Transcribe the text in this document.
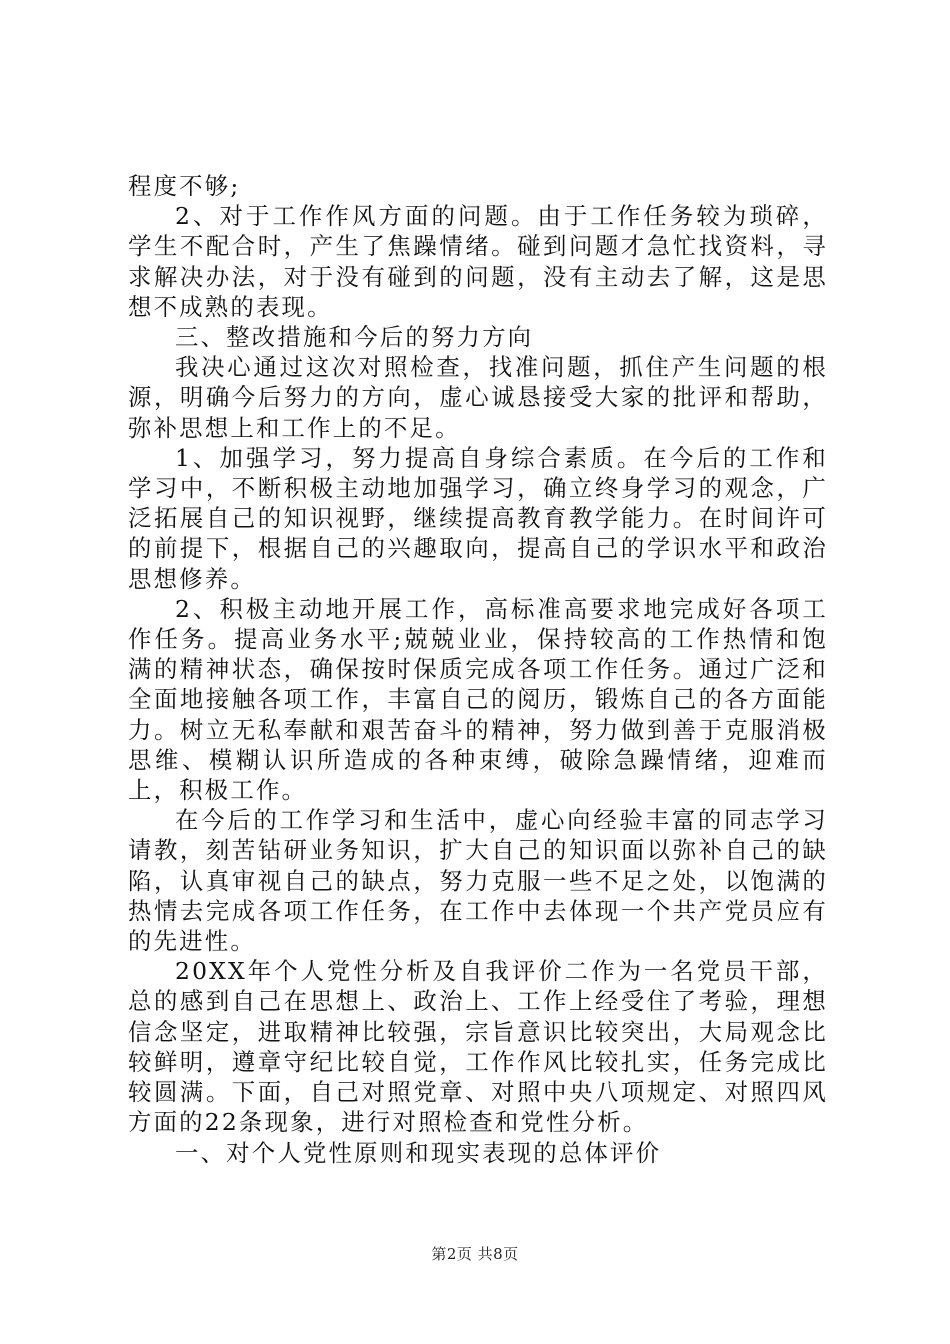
程度不够;

2、对于工作作风方面的问题。由于工作任务较为琐碎，学生不配合时，产生了焦躁情绪。碰到问题才急忙找资料，寻求解决办法，对于没有碰到的问题，没有主动去了解，这是思想不成熟的表现。

三、整改措施和今后的努力方向

我决心通过这次对照检查，找准问题，抓住产生问题的根源，明确今后努力的方向，虚心诚恳接受大家的批评和帮助，弥补思想上和工作上的不足。

1、加强学习，努力提高自身综合素质。在今后的工作和学习中，不断积极主动地加强学习，确立终身学习的观念，广泛拓展自己的知识视野，继续提高教育教学能力。在时间许可的前提下，根据自己的兴趣取向，提高自己的学识水平和政治思想修养。

2、积极主动地开展工作，高标准高要求地完成好各项工作任务。提高业务水平;兢兢业业，保持较高的工作热情和饱满的精神状态，确保按时保质完成各项工作任务。通过广泛和全面地接触各项工作，丰富自己的阅历，锻炼自己的各方面能力。树立无私奉献和艰苦奋斗的精神，努力做到善于克服消极思维、模糊认识所造成的各种束缚，破除急躁情绪，迎难而上，积极工作。

在今后的工作学习和生活中，虚心向经验丰富的同志学习请教，刻苦钻研业务知识，扩大自己的知识面以弥补自己的缺陷，认真审视自己的缺点，努力克服一些不足之处，以饱满的热情去完成各项工作任务，在工作中去体现一个共产党员应有的先进性。

20XX年个人党性分析及自我评价二作为一名党员干部，总的感到自己在思想上、政治上、工作上经受住了考验，理想信念坚定，进取精神比较强，宗旨意识比较突出，大局观念比较鲜明，遵章守纪比较自觉，工作作风比较扎实，任务完成比较圆满。下面，自己对照党章、对照中央八项规定、对照四风方面的22条现象，进行对照检查和党性分析。

一、对个人党性原则和现实表现的总体评价

第2页 共8页
